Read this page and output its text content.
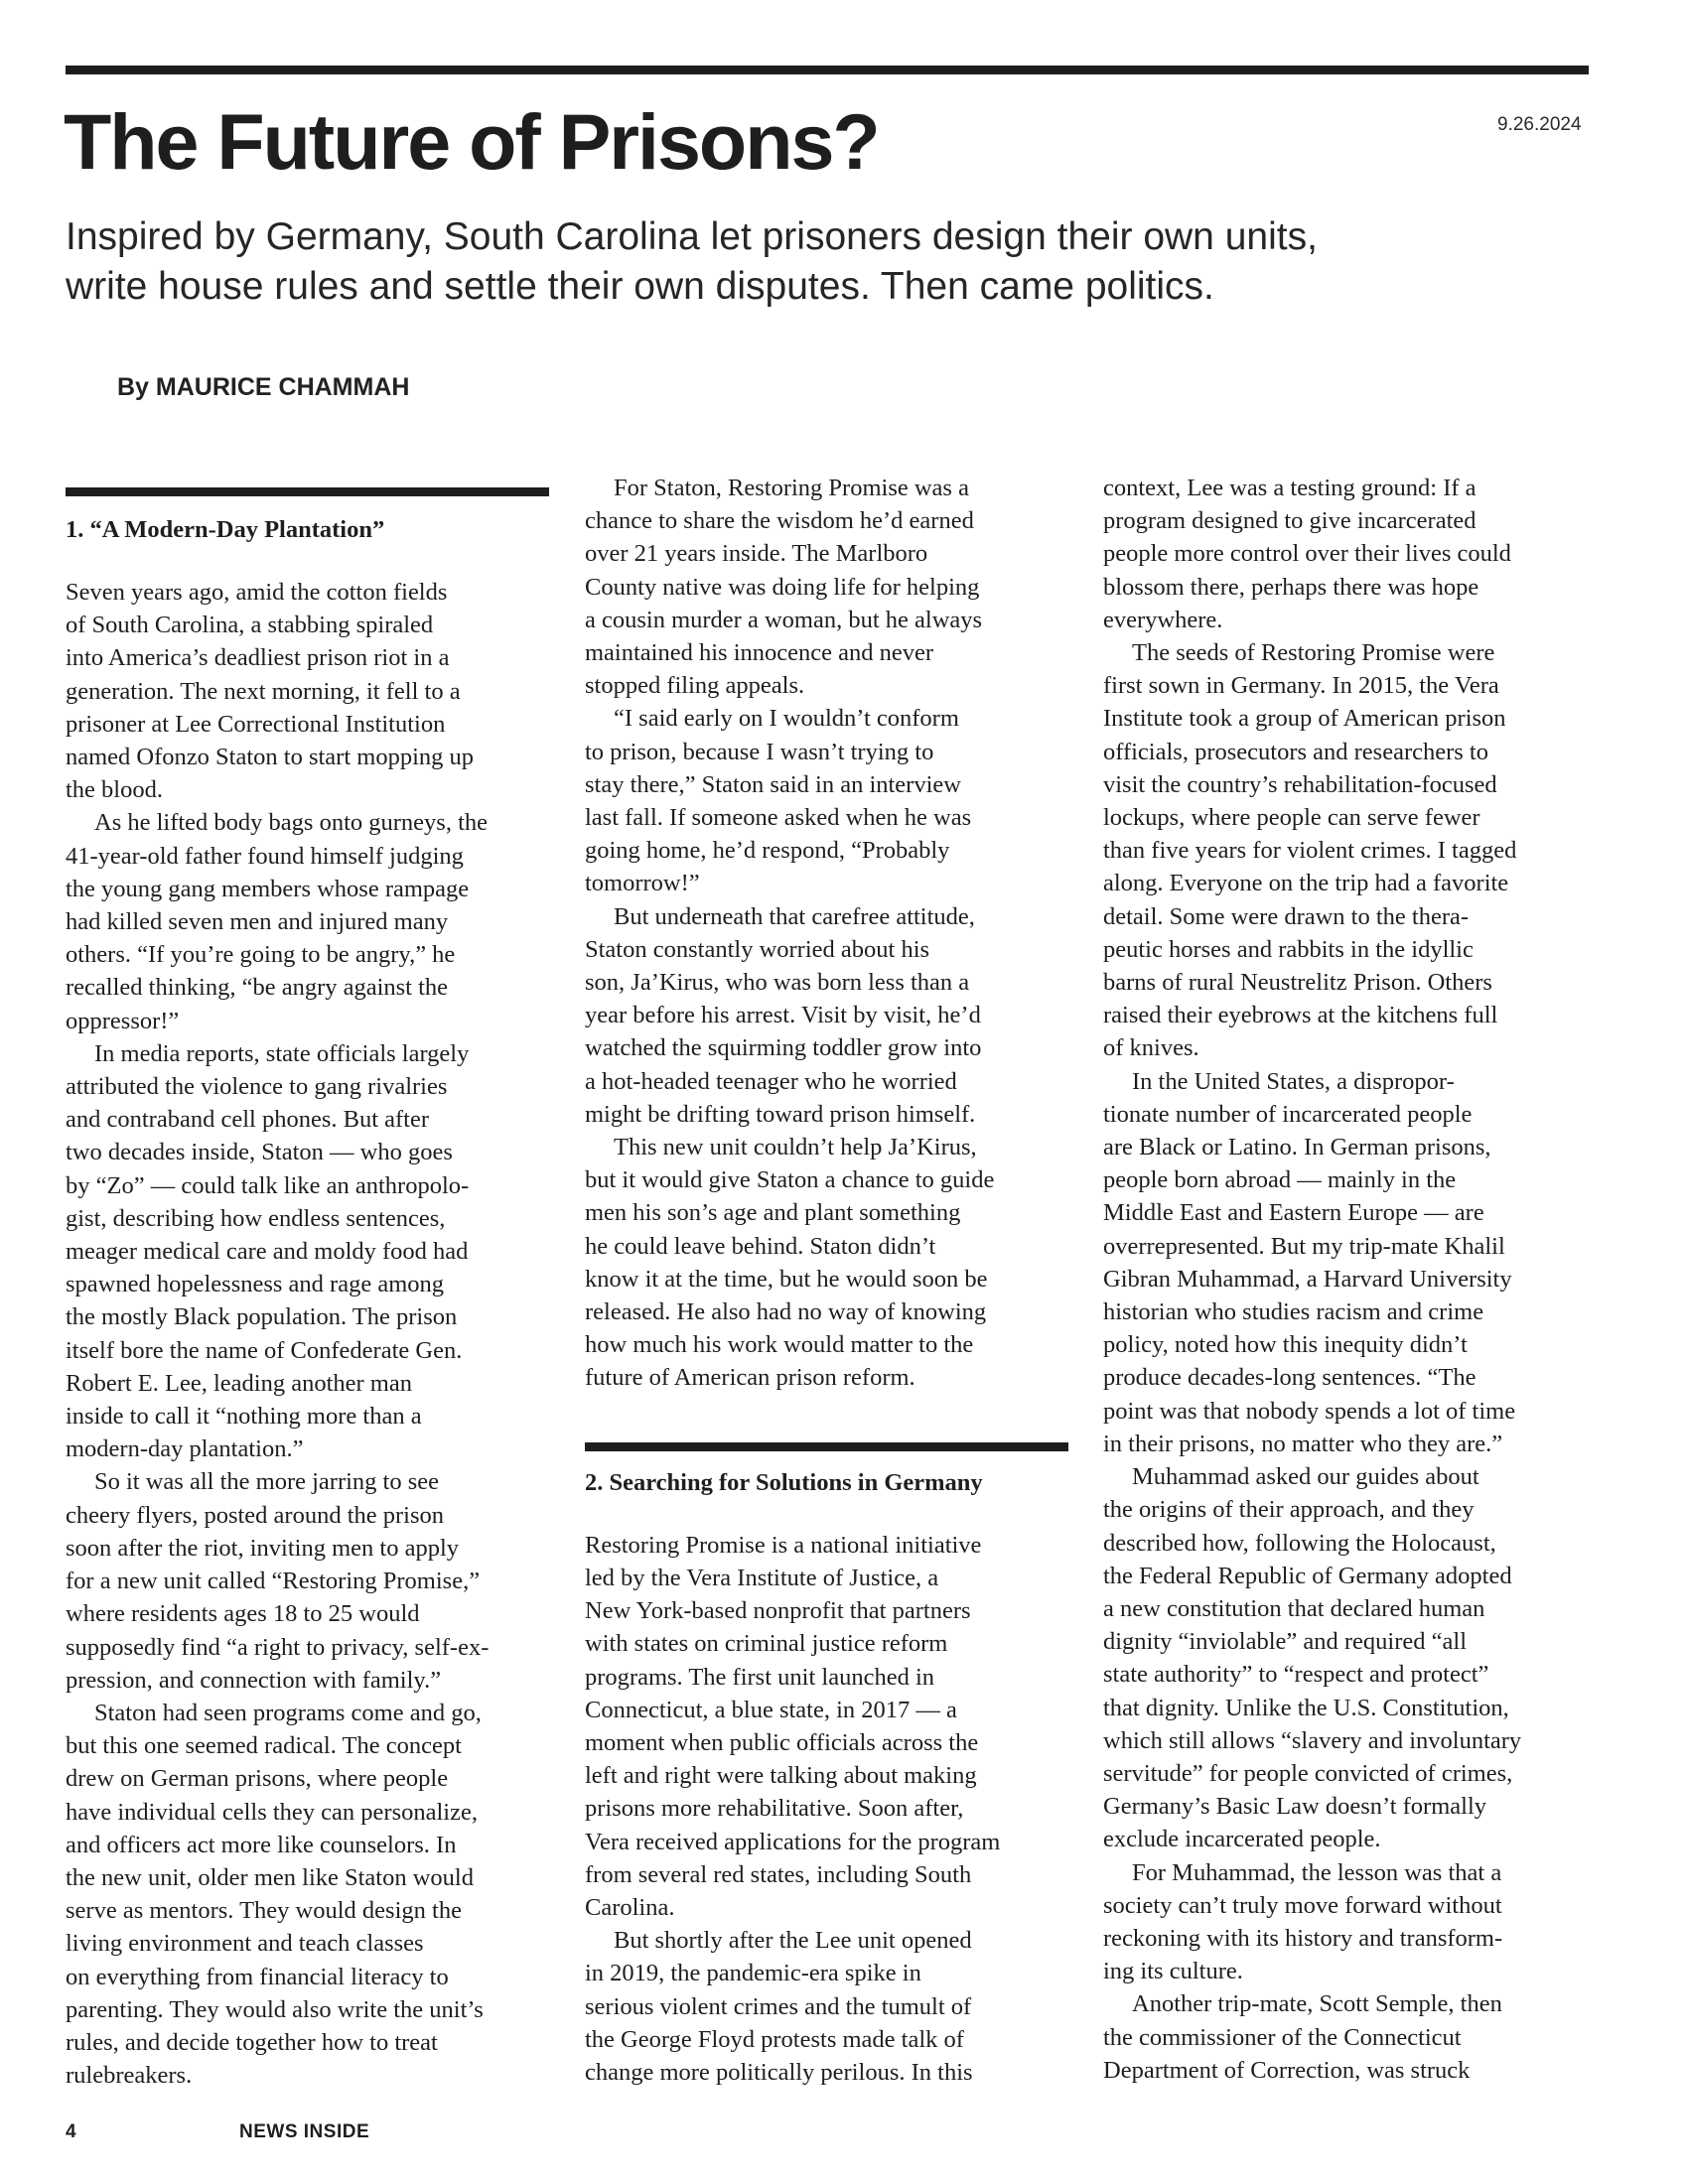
The Future of Prisons?	9.26.2024

Inspired by Germany, South Carolina let prisoners design their own units,
write house rules and settle their own disputes. Then came politics.

By MAURICE CHAMMAH
1. “A Modern-Day Plantation”

Seven years ago, amid the cotton fields
of South Carolina, a stabbing spiraled
into America’s deadliest prison riot in a
generation. The next morning, it fell to a
prisoner at Lee Correctional Institution
named Ofonzo Staton to start mopping up
the blood.

As he lifted body bags onto gurneys, the
41-year-old father found himself judging
the young gang members whose rampage
had killed seven men and injured many
others. “If you’re going to be angry,” he
recalled thinking, “be angry against the
oppressor!”

In media reports, state officials largely
attributed the violence to gang rivalries
and contraband cell phones. But after
two decades inside, Staton — who goes
by “Zo” — could talk like an anthropolo-
gist, describing how endless sentences,
meager medical care and moldy food had
spawned hopelessness and rage among
the mostly Black population. The prison
itself bore the name of Confederate Gen.
Robert E. Lee, leading another man
inside to call it “nothing more than a
modern-day plantation.”

So it was all the more jarring to see
cheery flyers, posted around the prison
soon after the riot, inviting men to apply
for a new unit called “Restoring Promise,”
where residents ages 18 to 25 would
supposedly find “a right to privacy, self-ex-
pression, and connection with family.”

Staton had seen programs come and go,
but this one seemed radical. The concept
drew on German prisons, where people
have individual cells they can personalize,
and officers act more like counselors. In
the new unit, older men like Staton would
serve as mentors. They would design the
living environment and teach classes
on everything from financial literacy to
parenting. They would also write the unit’s
rules, and decide together how to treat
rulebreakers.

For Staton, Restoring Promise was a
chance to share the wisdom he’d earned
over 21 years inside. The Marlboro
County native was doing life for helping
a cousin murder a woman, but he always
maintained his innocence and never
stopped filing appeals.

“I said early on I wouldn’t conform
to prison, because I wasn’t trying to
stay there,” Staton said in an interview
last fall. If someone asked when he was
going home, he’d respond, “Probably
tomorrow!”

But underneath that carefree attitude,
Staton constantly worried about his
son, Ja’Kirus, who was born less than a
year before his arrest. Visit by visit, he’d
watched the squirming toddler grow into
a hot-headed teenager who he worried
might be drifting toward prison himself.

This new unit couldn’t help Ja’Kirus,
but it would give Staton a chance to guide
men his son’s age and plant something
he could leave behind. Staton didn’t
know it at the time, but he would soon be
released. He also had no way of knowing
how much his work would matter to the
future of American prison reform.

2. Searching for Solutions in Germany

Restoring Promise is a national initiative
led by the Vera Institute of Justice, a
New York-based nonprofit that partners
with states on criminal justice reform
programs. The first unit launched in
Connecticut, a blue state, in 2017 — a
moment when public officials across the
left and right were talking about making
prisons more rehabilitative. Soon after,
Vera received applications for the program
from several red states, including South
Carolina.

But shortly after the Lee unit opened
in 2019, the pandemic-era spike in
serious violent crimes and the tumult of
the George Floyd protests made talk of
change more politically perilous. In this

context, Lee was a testing ground: If a
program designed to give incarcerated
people more control over their lives could
blossom there, perhaps there was hope
everywhere.

The seeds of Restoring Promise were
first sown in Germany. In 2015, the Vera
Institute took a group of American prison
officials, prosecutors and researchers to
visit the country’s rehabilitation-focused
lockups, where people can serve fewer
than five years for violent crimes. I tagged
along. Everyone on the trip had a favorite
detail. Some were drawn to the thera-
peutic horses and rabbits in the idyllic
barns of rural Neustrelitz Prison. Others
raised their eyebrows at the kitchens full
of knives.

In the United States, a dispropor-
tionate number of incarcerated people
are Black or Latino. In German prisons,
people born abroad — mainly in the
Middle East and Eastern Europe — are
overrepresented. But my trip-mate Khalil
Gibran Muhammad, a Harvard University
historian who studies racism and crime
policy, noted how this inequity didn’t
produce decades-long sentences. “The
point was that nobody spends a lot of time
in their prisons, no matter who they are.”

Muhammad asked our guides about
the origins of their approach, and they
described how, following the Holocaust,
the Federal Republic of Germany adopted
a new constitution that declared human
dignity “inviolable” and required “all
state authority” to “respect and protect”
that dignity. Unlike the U.S. Constitution,
which still allows “slavery and involuntary
servitude” for people convicted of crimes,
Germany’s Basic Law doesn’t formally
exclude incarcerated people.

For Muhammad, the lesson was that a
society can’t truly move forward without
reckoning with its history and transform-
ing its culture.

Another trip-mate, Scott Semple, then
the commissioner of the Connecticut
Department of Correction, was struck

4	NEWS INSIDE
